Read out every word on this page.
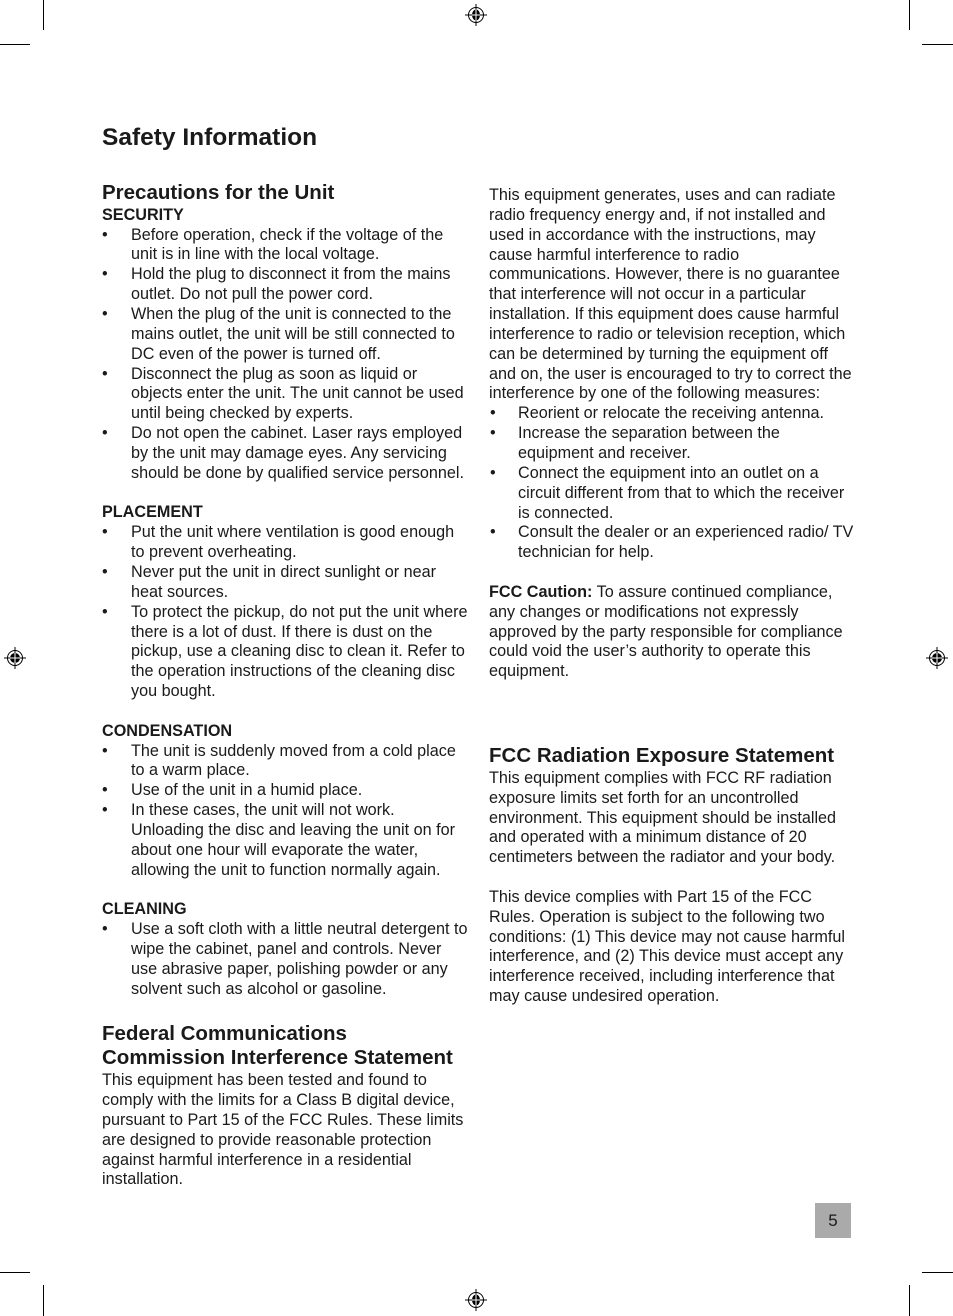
Safety Information
Precautions for the Unit
SECURITY
•	Before operation, check if the voltage of the unit is in line with the local voltage.
•	Hold the plug to disconnect it from the mains outlet. Do not pull the power cord.
•	When the plug of the unit is connected to the mains outlet, the unit will be still connected to DC even of the power is turned off.
•	Disconnect the plug as soon as liquid or objects enter the unit. The unit cannot be used until being checked by experts.
•	Do not open the cabinet. Laser rays employed by the unit may damage eyes. Any servicing should be done by qualified service personnel.
PLACEMENT
•	Put the unit where ventilation is good enough to prevent overheating.
•	Never put the unit in direct sunlight or near heat sources.
•	To protect the pickup, do not put the unit where there is a lot of dust. If there is dust on the pickup, use a cleaning disc to clean it. Refer to the operation instructions of the cleaning disc you bought.
CONDENSATION
•	The unit is suddenly moved from a cold place to a warm place.
•	Use of the unit in a humid place.
•	In these cases, the unit will not work. Unloading the disc and leaving the unit on for about one hour will evaporate the water, allowing the unit to function normally again.
CLEANING
•	Use a soft cloth with a little neutral detergent to wipe the cabinet, panel and controls. Never use abrasive paper, polishing powder or any solvent such as alcohol or gasoline.
Federal Communications
Commission Interference Statement

This equipment has been tested and found to comply with the limits for a Class B digital device, pursuant to Part 15 of the FCC Rules. These limits are designed to provide reasonable protection against harmful interference in a residential installation.

This equipment generates, uses and can radiate radio frequency energy and, if not installed and used in accordance with the instructions, may cause harmful interference to radio communications. However, there is no guarantee that interference will not occur in a particular installation. If this equipment does cause harmful interference to radio or television reception, which can be determined by turning the equipment off and on, the user is encouraged to try to correct the interference by one of the following measures:

•	Reorient or relocate the receiving antenna.
•	Increase the separation between the equipment and receiver.
•	Connect the equipment into an outlet on a circuit different from that to which the receiver is connected.
•	Consult the dealer or an experienced radio/ TV technician for help.

FCC Caution: To assure continued compliance, any changes or modifications not expressly approved by the party responsible for compliance could void the user’s authority to operate this equipment.

FCC Radiation Exposure Statement

This equipment complies with FCC RF radiation exposure limits set forth for an uncontrolled environment. This equipment should be installed and operated with a minimum distance of 20 centimeters between the radiator and your body.

This device complies with Part 15 of the FCC Rules. Operation is subject to the following two conditions: (1) This device may not cause harmful interference, and (2) This device must accept any interference received, including interference that may cause undesired operation.

5
